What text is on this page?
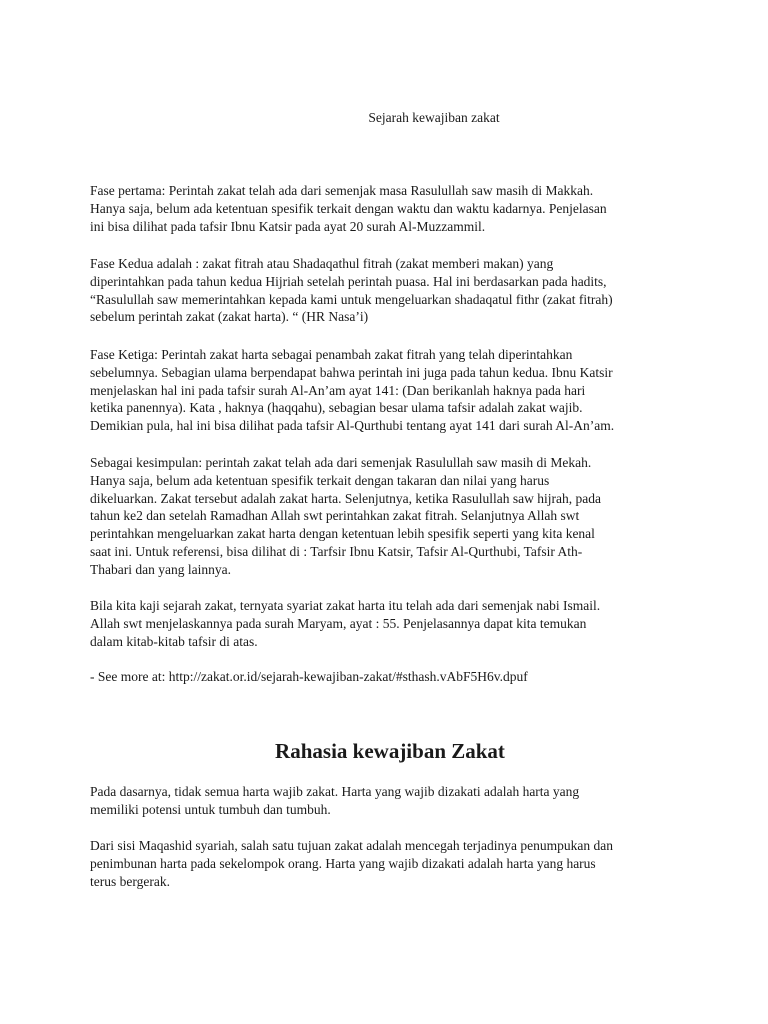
Sejarah kewajiban zakat

Fase pertama: Perintah zakat telah ada dari semenjak masa Rasulullah saw masih di Makkah.
Hanya saja, belum ada ketentuan spesifik terkait dengan waktu dan waktu kadarnya. Penjelasan
ini bisa dilihat pada tafsir Ibnu Katsir pada ayat 20 surah Al-Muzzammil.

Fase Kedua adalah : zakat fitrah atau Shadaqathul fitrah (zakat memberi makan) yang
diperintahkan pada tahun kedua Hijriah setelah perintah puasa. Hal ini berdasarkan pada hadits,
“Rasulullah saw memerintahkan kepada kami untuk mengeluarkan shadaqatul fithr (zakat fitrah)
sebelum perintah zakat (zakat harta). “ (HR Nasa’i)

Fase Ketiga: Perintah zakat harta sebagai penambah zakat fitrah yang telah diperintahkan
sebelumnya. Sebagian ulama berpendapat bahwa perintah ini juga pada tahun kedua. Ibnu Katsir
menjelaskan hal ini pada tafsir surah Al-An’am ayat 141: (Dan berikanlah haknya pada hari
ketika panennya). Kata , haknya (haqqahu), sebagian besar ulama tafsir adalah zakat wajib.
Demikian pula, hal ini bisa dilihat pada tafsir Al-Qurthubi tentang ayat 141 dari surah Al-An’am.

Sebagai kesimpulan: perintah zakat telah ada dari semenjak Rasulullah saw masih di Mekah.
Hanya saja, belum ada ketentuan spesifik terkait dengan takaran dan nilai yang harus
dikeluarkan. Zakat tersebut adalah zakat harta. Selenjutnya, ketika Rasulullah saw hijrah, pada
tahun ke2 dan setelah Ramadhan Allah swt perintahkan zakat fitrah. Selanjutnya Allah swt
perintahkan mengeluarkan zakat harta dengan ketentuan lebih spesifik seperti yang kita kenal
saat ini. Untuk referensi, bisa dilihat di : Tarfsir Ibnu Katsir, Tafsir Al-Qurthubi, Tafsir Ath-
Thabari dan yang lainnya.

Bila kita kaji sejarah zakat, ternyata syariat zakat harta itu telah ada dari semenjak nabi Ismail.
Allah swt menjelaskannya pada surah Maryam, ayat : 55. Penjelasannya dapat kita temukan
dalam kitab-kitab tafsir di atas.

- See more at: http://zakat.or.id/sejarah-kewajiban-zakat/#sthash.vAbF5H6v.dpuf

Rahasia kewajiban Zakat

Pada dasarnya, tidak semua harta wajib zakat. Harta yang wajib dizakati adalah harta yang
memiliki potensi untuk tumbuh dan tumbuh.

Dari sisi Maqashid syariah, salah satu tujuan zakat adalah mencegah terjadinya penumpukan dan
penimbunan harta pada sekelompok orang. Harta yang wajib dizakati adalah harta yang harus
terus bergerak.
